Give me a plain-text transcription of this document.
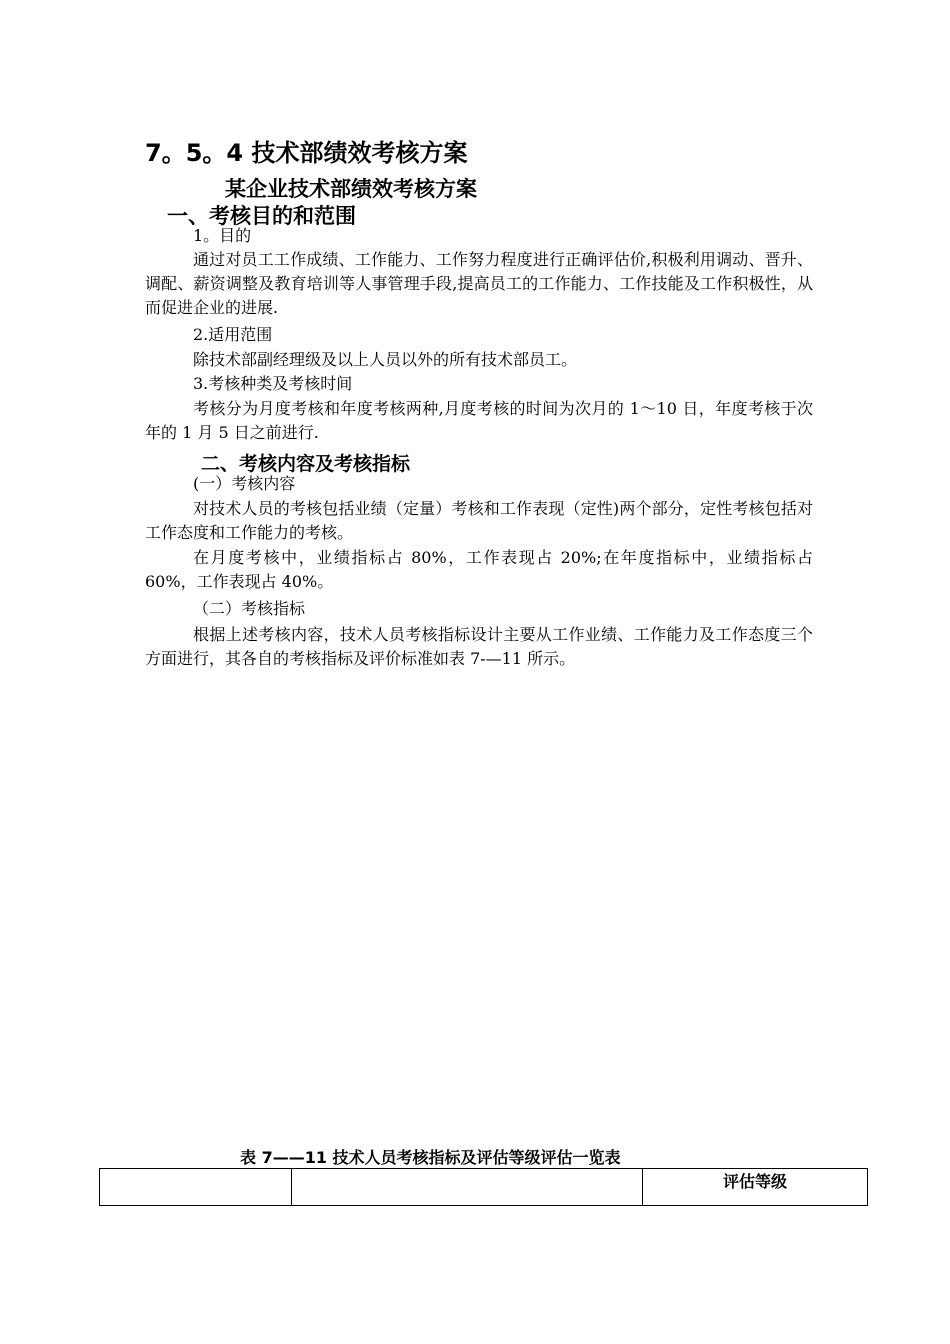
7。5。4 技术部绩效考核方案
某企业技术部绩效考核方案
一、考核目的和范围
1。目的
通过对员工工作成绩、工作能力、工作努力程度进行正确评估价,积极利用调动、晋升、调配、薪资调整及教育培训等人事管理手段,提高员工的工作能力、工作技能及工作积极性，从而促进企业的进展.
2.适用范围
除技术部副经理级及以上人员以外的所有技术部员工。
3.考核种类及考核时间
考核分为月度考核和年度考核两种,月度考核的时间为次月的 1～10 日，年度考核于次年的 1 月 5 日之前进行.
二、考核内容及考核指标
(一）考核内容
对技术人员的考核包括业绩（定量）考核和工作表现（定性)两个部分，定性考核包括对工作态度和工作能力的考核。
在月度考核中，业绩指标占 80%，工作表现占 20%;在年度指标中，业绩指标占 60%，工作表现占 40%。
（二）考核指标
根据上述考核内容，技术人员考核指标设计主要从工作业绩、工作能力及工作态度三个方面进行，其各自的考核指标及评价标准如表 7-—11 所示。
表 7——11 技术人员考核指标及评估等级评估一览表
		评估等级
